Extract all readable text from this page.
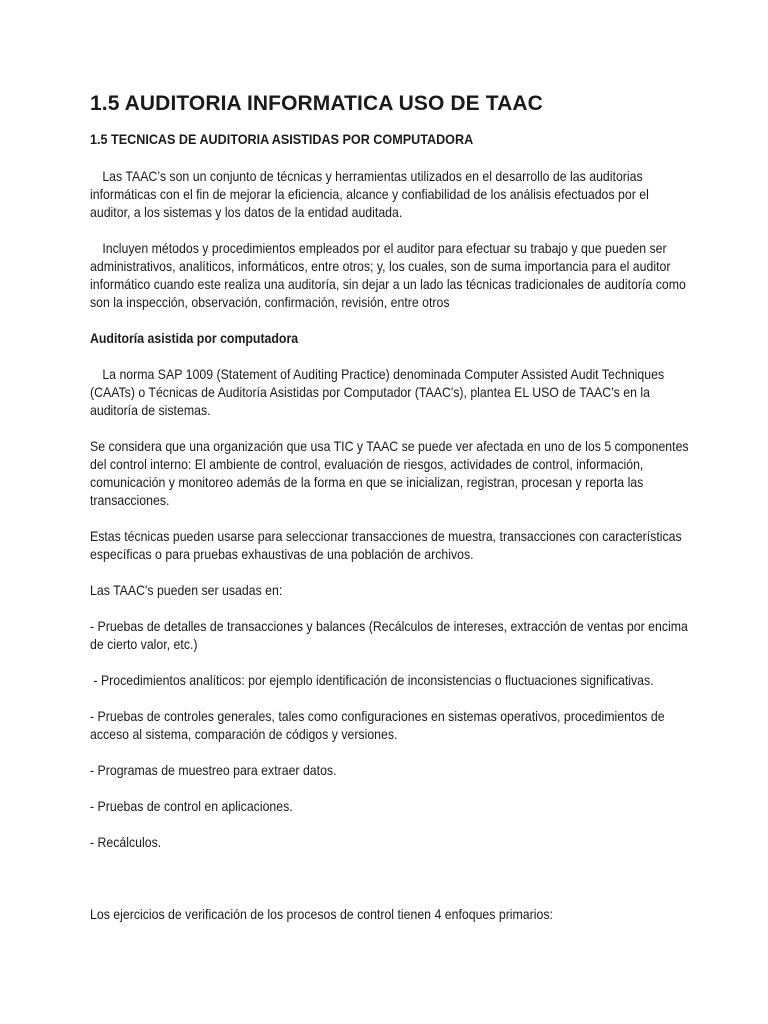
1.5 AUDITORIA INFORMATICA USO DE TAAC
1.5 TECNICAS DE AUDITORIA ASISTIDAS POR COMPUTADORA

Las TAAC’s son un conjunto de técnicas y herramientas utilizados en el desarrollo de las auditorias informáticas con el fin de mejorar la eficiencia, alcance y confiabilidad de los análisis efectuados por el auditor, a los sistemas y los datos de la entidad auditada.

Incluyen métodos y procedimientos empleados por el auditor para efectuar su trabajo y que pueden ser administrativos, analíticos, informáticos, entre otros; y, los cuales, son de suma importancia para el auditor informático cuando este realiza una auditoría, sin dejar a un lado las técnicas tradicionales de auditoría como son la inspección, observación, confirmación, revisión, entre otros

Auditoría asistida por computadora

La norma SAP 1009 (Statement of Auditing Practice) denominada Computer Assisted Audit Techniques (CAATs) o Técnicas de Auditoría Asistidas por Computador (TAAC's), plantea EL USO de TAAC’s en la auditoría de sistemas.

Se considera que una organización que usa TIC y TAAC se puede ver afectada en uno de los 5 componentes del control interno: El ambiente de control, evaluación de riesgos, actividades de control, información, comunicación y monitoreo además de la forma en que se inicializan, registran, procesan y reporta las transacciones.

Estas técnicas pueden usarse para seleccionar transacciones de muestra, transacciones con características específicas o para pruebas exhaustivas de una población de archivos.

Las TAAC's pueden ser usadas en:

- Pruebas de detalles de transacciones y balances (Recálculos de intereses, extracción de ventas por encima de cierto valor, etc.)

- Procedimientos analíticos: por ejemplo identificación de inconsistencias o fluctuaciones significativas.

- Pruebas de controles generales, tales como configuraciones en sistemas operativos, procedimientos de acceso al sistema, comparación de códigos y versiones.

- Programas de muestreo para extraer datos.

- Pruebas de control en aplicaciones.

- Recálculos.

Los ejercicios de verificación de los procesos de control tienen 4 enfoques primarios:
